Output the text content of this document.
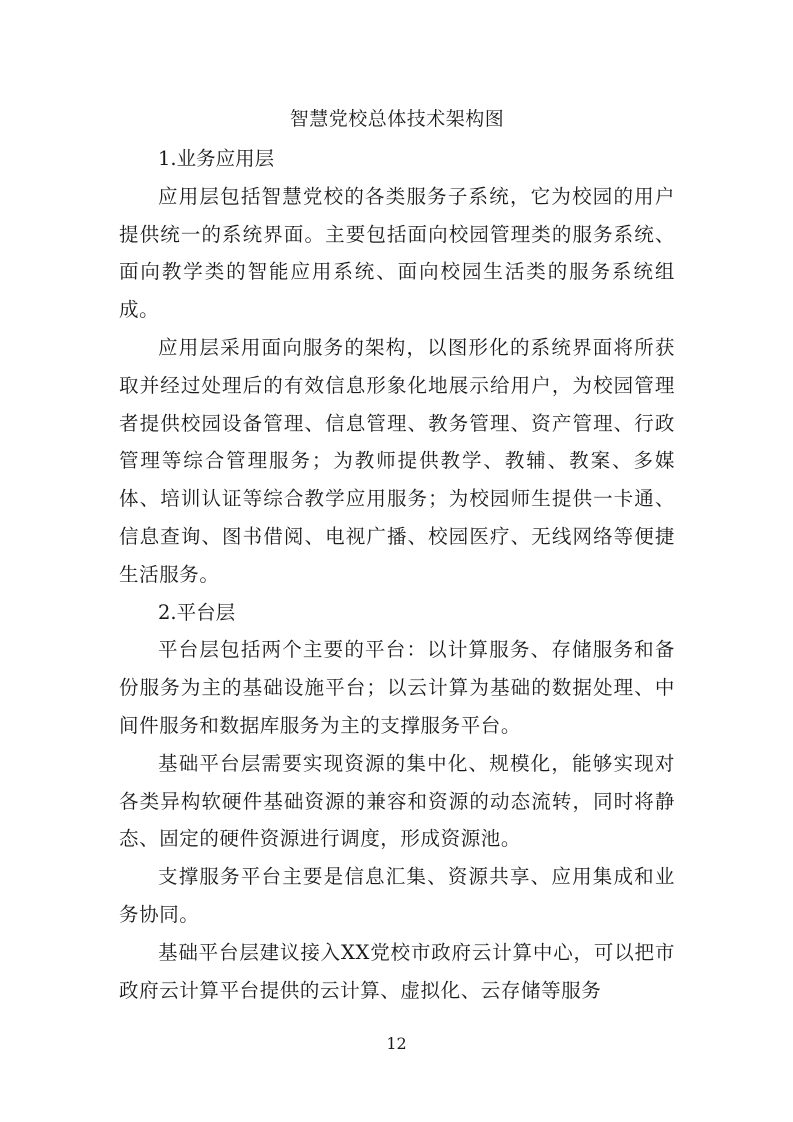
智慧党校总体技术架构图

1.业务应用层

应用层包括智慧党校的各类服务子系统，它为校园的用户提供统一的系统界面。主要包括面向校园管理类的服务系统、面向教学类的智能应用系统、面向校园生活类的服务系统组成。

应用层采用面向服务的架构，以图形化的系统界面将所获取并经过处理后的有效信息形象化地展示给用户，为校园管理者提供校园设备管理、信息管理、教务管理、资产管理、行政管理等综合管理服务；为教师提供教学、教辅、教案、多媒体、培训认证等综合教学应用服务；为校园师生提供一卡通、信息查询、图书借阅、电视广播、校园医疗、无线网络等便捷生活服务。

2.平台层

平台层包括两个主要的平台：以计算服务、存储服务和备份服务为主的基础设施平台；以云计算为基础的数据处理、中间件服务和数据库服务为主的支撑服务平台。

基础平台层需要实现资源的集中化、规模化，能够实现对各类异构软硬件基础资源的兼容和资源的动态流转，同时将静态、固定的硬件资源进行调度，形成资源池。

支撑服务平台主要是信息汇集、资源共享、应用集成和业务协同。

基础平台层建议接入XX党校市政府云计算中心，可以把市政府云计算平台提供的云计算、虚拟化、云存储等服务

12
